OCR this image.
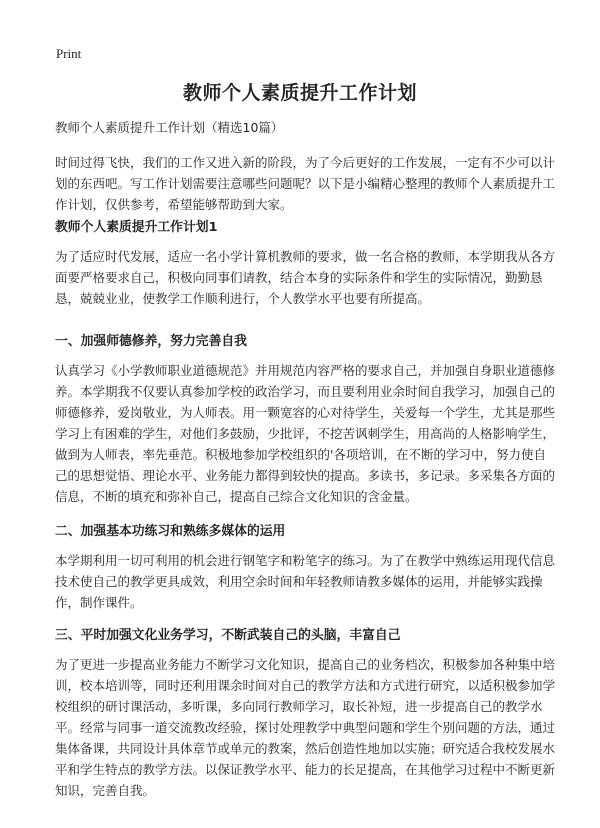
Print
教师个人素质提升工作计划
教师个人素质提升工作计划（精选10篇）
时间过得飞快，我们的工作又进入新的阶段，为了今后更好的工作发展，一定有不少可以计划的东西吧。写工作计划需要注意哪些问题呢？以下是小编精心整理的教师个人素质提升工作计划，仅供参考，希望能够帮助到大家。
教师个人素质提升工作计划1
为了适应时代发展，适应一名小学计算机教师的要求，做一名合格的教师，本学期我从各方面要严格要求自己，积极向同事们请教，结合本身的实际条件和学生的实际情况，勤勤恳恳，兢兢业业，使教学工作顺利进行，个人教学水平也要有所提高。
一、加强师德修养，努力完善自我
认真学习《小学教师职业道德规范》并用规范内容严格的要求自己，并加强自身职业道德修养。本学期我不仅要认真参加学校的政治学习，而且要利用业余时间自我学习，加强自己的师德修养，爱岗敬业，为人师表。用一颗宽容的心对待学生，关爱每一个学生，尤其是那些学习上有困难的学生，对他们多鼓励，少批评，不挖苦讽刺学生，用高尚的人格影响学生，做到为人师表，率先垂范。积极地参加学校组织的'各项培训，在不断的学习中，努力使自己的思想觉悟、理论水平、业务能力都得到较快的提高。多读书，多记录。多采集各方面的信息，不断的填充和弥补自己，提高自己综合文化知识的含金量。
二、加强基本功练习和熟练多媒体的运用
本学期利用一切可利用的机会进行钢笔字和粉笔字的练习。为了在教学中熟练运用现代信息技术使自己的教学更具成效，利用空余时间和年轻教师请教多媒体的运用，并能够实践操作，制作课件。
三、平时加强文化业务学习，不断武装自己的头脑，丰富自己
为了更进一步提高业务能力不断学习文化知识，提高自己的业务档次，积极参加各种集中培训，校本培训等，同时还利用课余时间对自己的教学方法和方式进行研究，以适积极参加学校组织的研讨课活动，多听课，多向同行教师学习，取长补短，进一步提高自己的教学水平。经常与同事一道交流教改经验，探讨处理教学中典型问题和学生个别问题的方法，通过集体备课，共同设计具体章节或单元的教案，然后创造性地加以实施；研究适合我校发展水平和学生特点的教学方法。以保证教学水平、能力的长足提高，在其他学习过程中不断更新知识，完善自我。
